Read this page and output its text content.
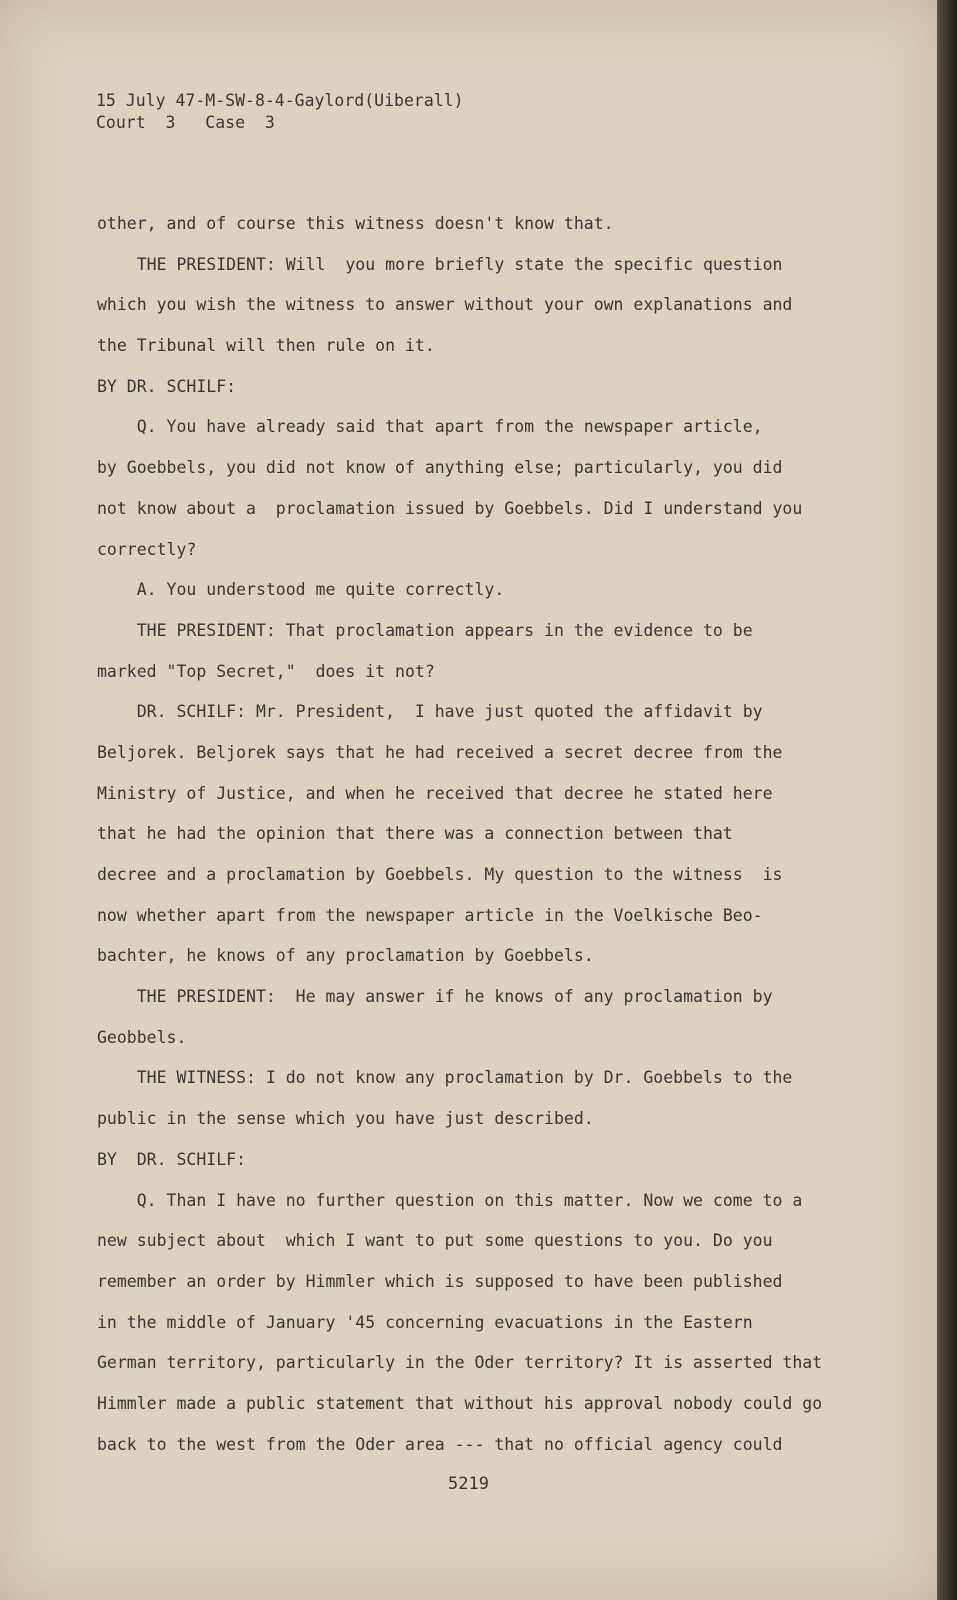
15 July 47-M-SW-8-4-Gaylord(Uiberall)
Court  3   Case  3
other, and of course this witness doesn't know that.
THE PRESIDENT: Will  you more briefly state the specific question
which you wish the witness to answer without your own explanations and
the Tribunal will then rule on it.
BY DR. SCHILF:
Q. You have already said that apart from the newspaper article,
by Goebbels, you did not know of anything else; particularly, you did
not know about a  proclamation issued by Goebbels. Did I understand you
correctly?
A. You understood me quite correctly.
THE PRESIDENT: That proclamation appears in the evidence to be
marked "Top Secret,"  does it not?
DR. SCHILF: Mr. President,  I have just quoted the affidavit by
Beljorek. Beljorek says that he had received a secret decree from the
Ministry of Justice, and when he received that decree he stated here
that he had the opinion that there was a connection between that
decree and a proclamation by Goebbels. My question to the witness  is
now whether apart from the newspaper article in the Voelkische Beo-
bachter, he knows of any proclamation by Goebbels.
THE PRESIDENT:  He may answer if he knows of any proclamation by
Geobbels.
THE WITNESS: I do not know any proclamation by Dr. Goebbels to the
public in the sense which you have just described.
BY  DR. SCHILF:
Q. Than I have no further question on this matter. Now we come to a
new subject about  which I want to put some questions to you. Do you
remember an order by Himmler which is supposed to have been published
in the middle of January '45 concerning evacuations in the Eastern
German territory, particularly in the Oder territory? It is asserted that
Himmler made a public statement that without his approval nobody could go
back to the west from the Oder area --- that no official agency could
5219
